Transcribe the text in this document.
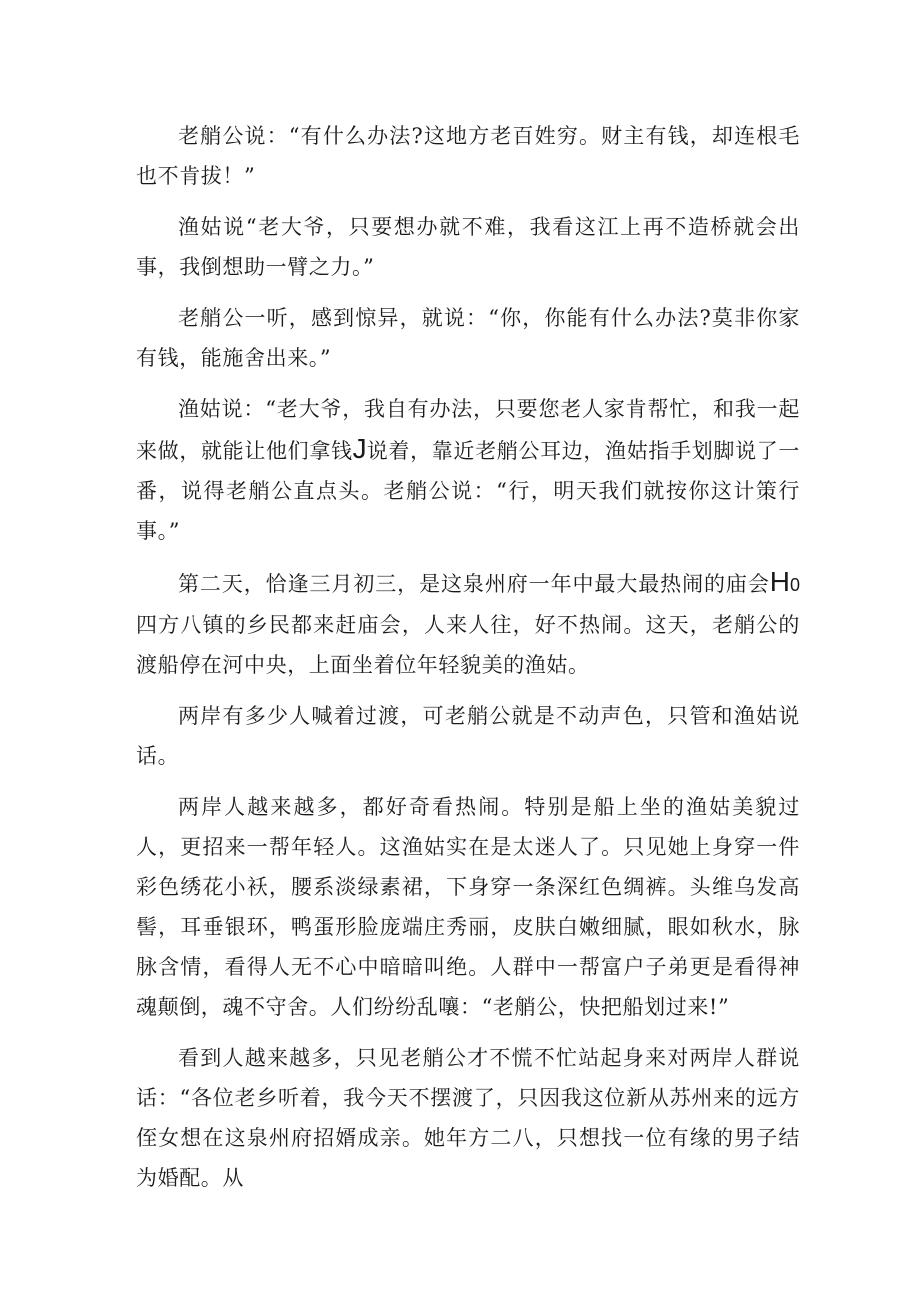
老艄公说：“有什么办法?这地方老百姓穷。财主有钱，却连根毛也不肯拔！”

渔姑说“老大爷，只要想办就不难，我看这江上再不造桥就会出事，我倒想助一臂之力。”

老艄公一听，感到惊异，就说：“你，你能有什么办法?莫非你家有钱，能施舍出来。”

渔姑说：“老大爷，我自有办法，只要您老人家肯帮忙，和我一起来做，就能让他们拿钱J说着，靠近老艄公耳边，渔姑指手划脚说了一番，说得老艄公直点头。老艄公说：“行，明天我们就按你这计策行事。”

第二天，恰逢三月初三，是这泉州府一年中最大最热闹的庙会H0四方八镇的乡民都来赶庙会，人来人往，好不热闹。这天，老艄公的渡船停在河中央，上面坐着位年轻貌美的渔姑。

两岸有多少人喊着过渡，可老艄公就是不动声色，只管和渔姑说话。

两岸人越来越多，都好奇看热闹。特别是船上坐的渔姑美貌过人，更招来一帮年轻人。这渔姑实在是太迷人了。只见她上身穿一件彩色绣花小袄，腰系淡绿素裙，下身穿一条深红色绸裤。头维乌发高髻，耳垂银环，鸭蛋形脸庞端庄秀丽，皮肤白嫩细腻，眼如秋水，脉脉含情，看得人无不心中暗暗叫绝。人群中一帮富户子弟更是看得神魂颠倒，魂不守舍。人们纷纷乱嚷：“老艄公，快把船划过来!”

看到人越来越多，只见老艄公才不慌不忙站起身来对两岸人群说话：“各位老乡听着，我今天不摆渡了，只因我这位新从苏州来的远方侄女想在这泉州府招婿成亲。她年方二八，只想找一位有缘的男子结为婚配。从
